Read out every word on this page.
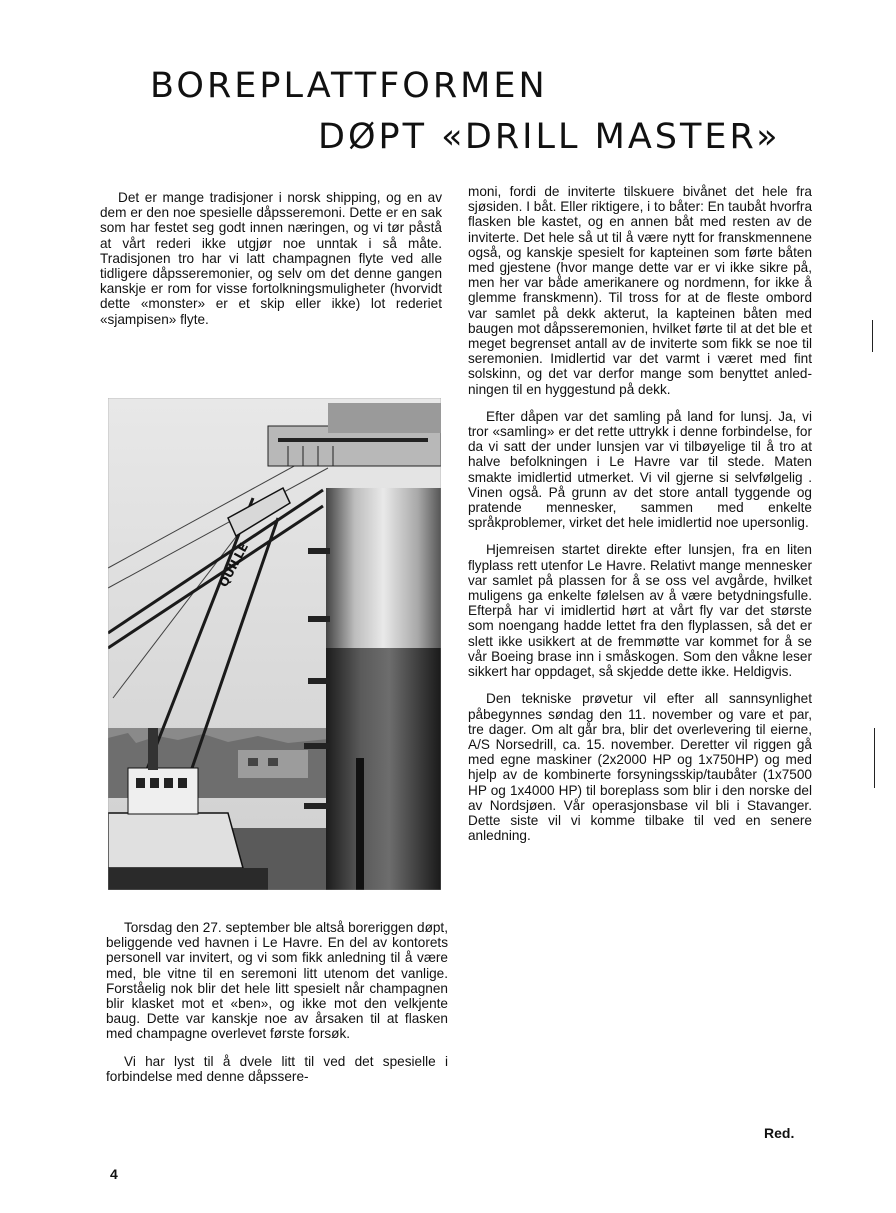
BOREPLATTFORMEN
DØPT «DRILL MASTER»

Det er mange tradisjoner i norsk shipping, og en av dem er den noe spesielle dåpsseremoni. Dette er en sak som har festet seg godt innen næringen, og vi tør påstå at vårt rederi ikke utgjør noe unntak i så måte. Tradisjonen tro har vi latt champagnen flyte ved alle tidligere dåpsseremonier, og selv om det denne gangen kanskje er rom for visse fortolkningsmuligheter (hvorvidt dette «monster» er et skip eller ikke) lot rederiet «sjampisen» flyte.

QUILLE

Torsdag den 27. september ble altså boreriggen døpt, beliggende ved havnen i Le Havre. En del av kontorets personell var invitert, og vi som fikk anledning til å være med, ble vitne til en seremoni litt utenom det vanlige. Forståelig nok blir det hele litt spesielt når champagnen blir klasket mot et «ben», og ikke mot den velkjente baug. Dette var kanskje noe av årsaken til at flasken med champagne overlevet første forsøk.

Vi har lyst til å dvele litt til ved det spesielle i forbindelse med denne dåpssere-

moni, fordi de inviterte tilskuere bivånet det hele fra sjøsiden. I båt. Eller riktigere, i to båter: En taubåt hvorfra flasken ble kastet, og en annen båt med resten av de inviterte. Det hele så ut til å være nytt for franskmennene også, og kanskje spesielt for kapteinen som førte båten med gjestene (hvor mange dette var er vi ikke sikre på, men her var både amerikanere og nordmenn, for ikke å glemme franskmenn). Til tross for at de fleste ombord var samlet på dekk akterut, la kapteinen båten med baugen mot dåpsseremonien, hvilket førte til at det ble et meget begrenset antall av de inviterte som fikk se noe til seremonien. Imidlertid var det varmt i været med fint solskinn, og det var derfor mange som benyttet anledningen til en hyggestund på dekk.

Efter dåpen var det samling på land for lunsj. Ja, vi tror «samling» er det rette uttrykk i denne forbindelse, for da vi satt der under lunsjen var vi tilbøyelige til å tro at halve befolkningen i Le Havre var til stede. Maten smakte imidlertid utmerket. Vi vil gjerne si selvfølgelig . Vinen også. På grunn av det store antall tyggende og pratende mennesker, sammen med enkelte språkproblemer, virket det hele imidlertid noe upersonlig.

Hjemreisen startet direkte efter lunsjen, fra en liten flyplass rett utenfor Le Havre. Relativt mange mennesker var samlet på plassen for å se oss vel avgårde, hvilket muligens ga enkelte følelsen av å være betydningsfulle. Efterpå har vi imidlertid hørt at vårt fly var det største som noengang hadde lettet fra den flyplassen, så det er slett ikke usikkert at de fremmøtte var kommet for å se vår Boeing brase inn i småskogen. Som den våkne leser sikkert har oppdaget, så skjedde dette ikke. Heldigvis.

Den tekniske prøvetur vil efter all sannsynlighet påbegynnes søndag den 11. november og vare et par, tre dager. Om alt går bra, blir det overlevering til eierne, A/S Norsedrill, ca. 15. november. Deretter vil riggen gå med egne maskiner (2x2000 HP og 1x750HP) og med hjelp av de kombinerte forsyningsskip/taubåter (1x7500 HP og 1x4000 HP) til boreplass som blir i den norske del av Nordsjøen. Vår operasjonsbase vil bli i Stavanger. Dette siste vil vi komme tilbake til ved en senere anledning.

Red.
4
